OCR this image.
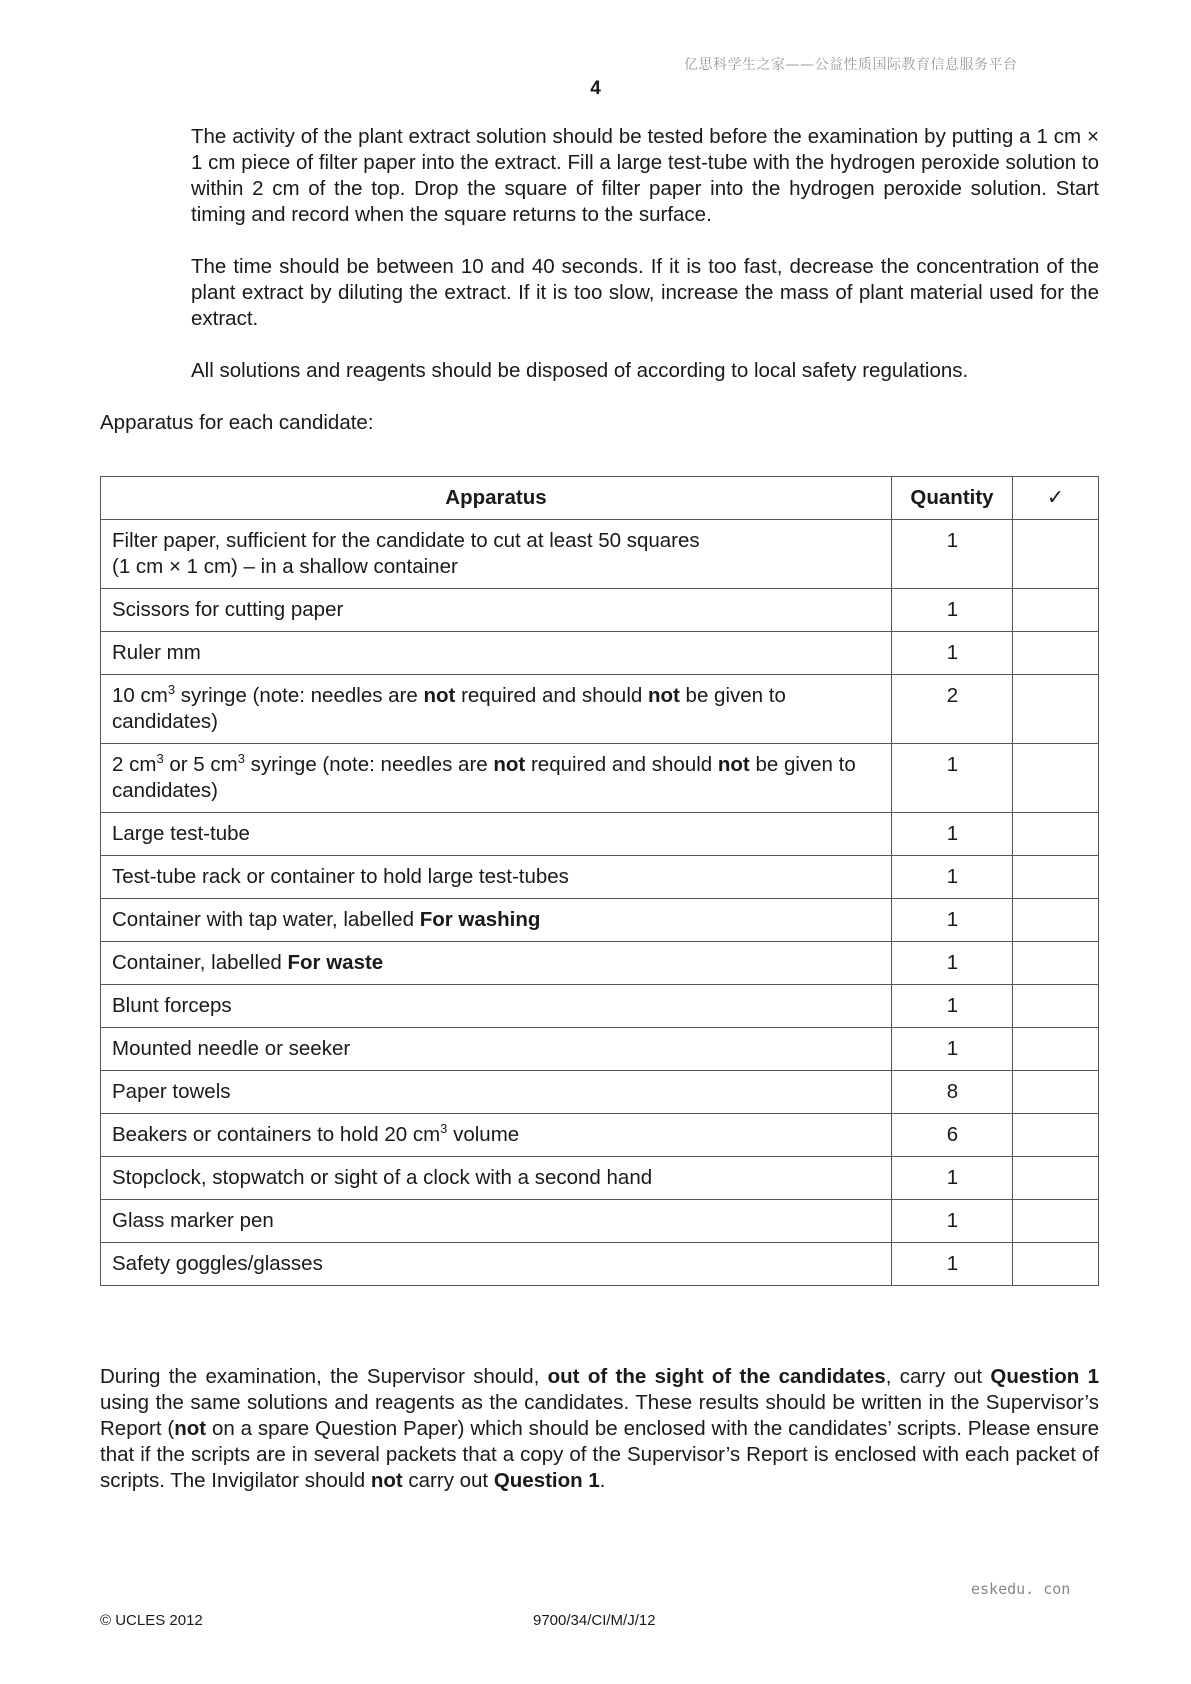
亿思科学生之家——公益性质国际教育信息服务平台
4

The activity of the plant extract solution should be tested before the examination by putting a 1 cm × 1 cm piece of filter paper into the extract. Fill a large test-tube with the hydrogen peroxide solution to within 2 cm of the top. Drop the square of filter paper into the hydrogen peroxide solution. Start timing and record when the square returns to the surface.

The time should be between 10 and 40 seconds. If it is too fast, decrease the concentration of the plant extract by diluting the extract. If it is too slow, increase the mass of plant material used for the extract.

All solutions and reagents should be disposed of according to local safety regulations.

Apparatus for each candidate:

Apparatus	Quantity	✓
Filter paper, sufficient for the candidate to cut at least 50 squares
(1 cm × 1 cm) – in a shallow container	1	
Scissors for cutting paper	1	
Ruler mm	1	
10 $cm^3$ syringe (note: needles are not required and should not be given to candidates)	2	
2 $cm^3$ or 5 $cm^3$ syringe (note: needles are not required and should not be given to candidates)	1	
Large test-tube	1	
Test-tube rack or container to hold large test-tubes	1	
Container with tap water, labelled For washing	1	
Container, labelled For waste	1	
Blunt forceps	1	
Mounted needle or seeker	1	
Paper towels	8	
Beakers or containers to hold 20 $cm^3$ volume	6	
Stopclock, stopwatch or sight of a clock with a second hand	1	
Glass marker pen	1	
Safety goggles/glasses	1	

During the examination, the Supervisor should, out of the sight of the candidates, carry out Question 1 using the same solutions and reagents as the candidates. These results should be written in the Supervisor’s Report (not on a spare Question Paper) which should be enclosed with the candidates’ scripts. Please ensure that if the scripts are in several packets that a copy of the Supervisor’s Report is enclosed with each packet of scripts. The Invigilator should not carry out Question 1.

eskedu. con
© UCLES 2012	9700/34/CI/M/J/12
